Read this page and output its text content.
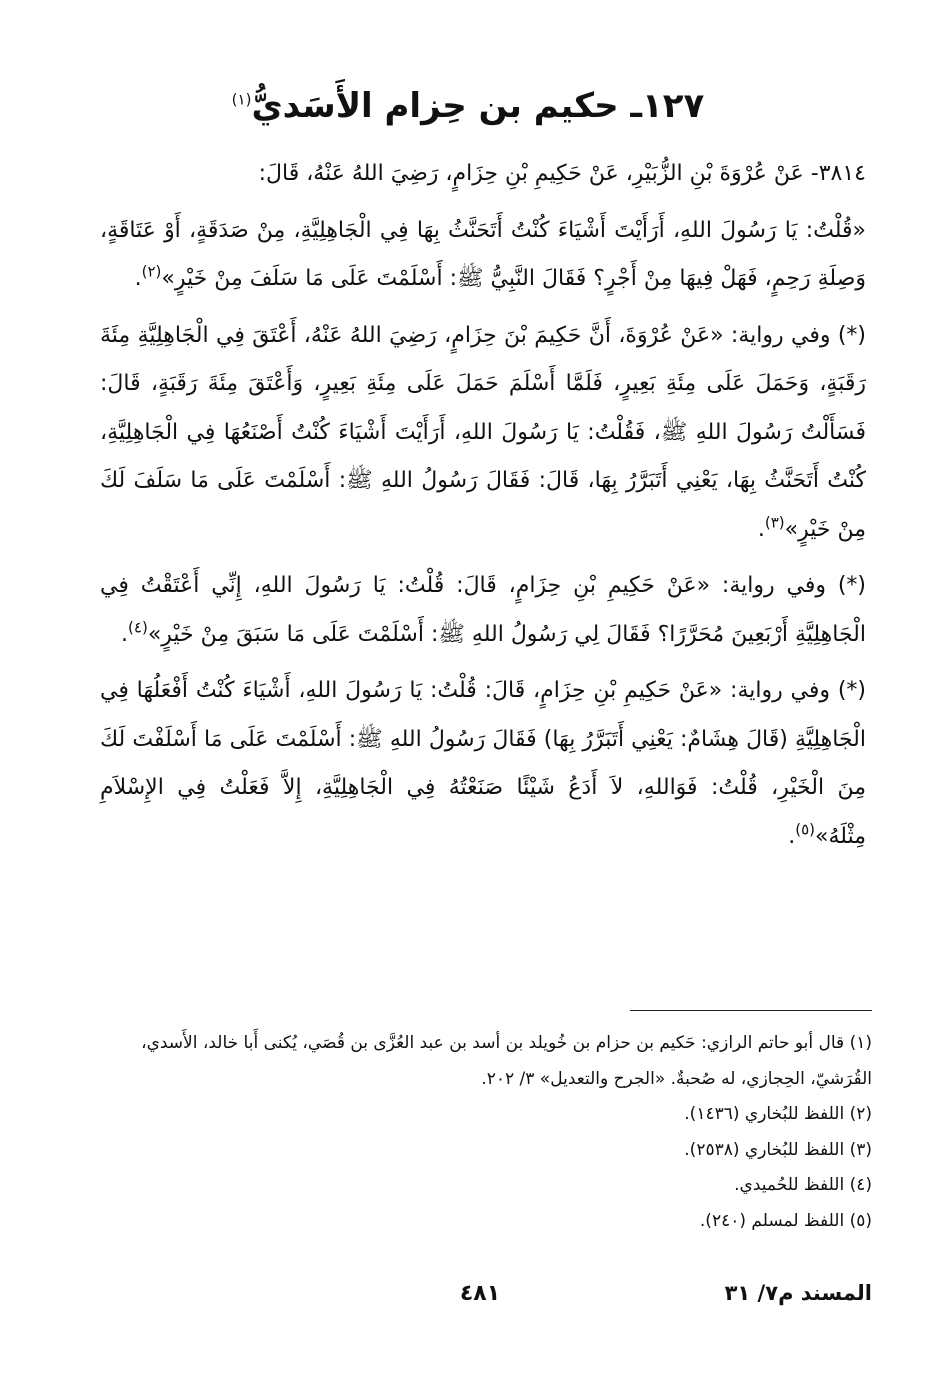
١٢٧ـ حكيم بن حِزام الأَسَديُّ$^{(١)}$

٣٨١٤- عَنْ عُرْوَةَ بْنِ الزُّبَيْرِ، عَنْ حَكِيمِ بْنِ حِزَامٍ، رَضِيَ اللهُ عَنْهُ، قَالَ:

«قُلْتُ: يَا رَسُولَ اللهِ، أَرَأَيْتَ أَشْيَاءَ كُنْتُ أَتَحَنَّثُ بِهَا فِي الْجَاهِلِيَّةِ، مِنْ صَدَقَةٍ، أَوْ عَتَاقَةٍ، وَصِلَةِ رَحِمٍ، فَهَلْ فِيهَا مِنْ أَجْرٍ؟ فَقَالَ النَّبِيُّ ﷺ: أَسْلَمْتَ عَلَى مَا سَلَفَ مِنْ خَيْرٍ»$^{(٢)}$.

(*) وفي رواية: «عَنْ عُرْوَةَ، أَنَّ حَكِيمَ بْنَ حِزَامٍ، رَضِيَ اللهُ عَنْهُ، أَعْتَقَ فِي الْجَاهِلِيَّةِ مِئَةَ رَقَبَةٍ، وَحَمَلَ عَلَى مِئَةِ بَعِيرٍ، فَلَمَّا أَسْلَمَ حَمَلَ عَلَى مِئَةِ بَعِيرٍ، وَأَعْتَقَ مِئَةَ رَقَبَةٍ، قَالَ: فَسَأَلْتُ رَسُولَ اللهِ ﷺ، فَقُلْتُ: يَا رَسُولَ اللهِ، أَرَأَيْتَ أَشْيَاءَ كُنْتُ أَصْنَعُهَا فِي الْجَاهِلِيَّةِ، كُنْتُ أَتَحَنَّثُ بِهَا، يَعْنِي أَتَبَرَّرُ بِهَا، قَالَ: فَقَالَ رَسُولُ اللهِ ﷺ: أَسْلَمْتَ عَلَى مَا سَلَفَ لَكَ مِنْ خَيْرٍ»$^{(٣)}$.

(*) وفي رواية: «عَنْ حَكِيمِ بْنِ حِزَامٍ، قَالَ: قُلْتُ: يَا رَسُولَ اللهِ، إِنِّي أَعْتَقْتُ فِي الْجَاهِلِيَّةِ أَرْبَعِينَ مُحَرَّرًا؟ فَقَالَ لِي رَسُولُ اللهِ ﷺ: أَسْلَمْتَ عَلَى مَا سَبَقَ مِنْ خَيْرٍ»$^{(٤)}$.

(*) وفي رواية: «عَنْ حَكِيمِ بْنِ حِزَامٍ، قَالَ: قُلْتُ: يَا رَسُولَ اللهِ، أَشْيَاءَ كُنْتُ أَفْعَلُهَا فِي الْجَاهِلِيَّةِ (قَالَ هِشَامٌ: يَعْنِي أَتَبَرَّرُ بِهَا) فَقَالَ رَسُولُ اللهِ ﷺ: أَسْلَمْتَ عَلَى مَا أَسْلَفْتَ لَكَ مِنَ الْخَيْرِ، قُلْتُ: فَوَاللهِ، لاَ أَدَعُ شَيْئًا صَنَعْتُهُ فِي الْجَاهِلِيَّةِ، إِلاَّ فَعَلْتُ فِي الإِسْلاَمِ مِثْلَهُ»$^{(٥)}$.

(١) قال أبو حاتم الرازي: حَكيم بن حزام بن خُويلد بن أسد بن عبد العُزَّى بن قُصَي، يُكنى أَبا خالد، الأَسدي، القُرَشيّ، الحِجازي، له صُحبةٌ. «الجرح والتعديل» ٣/ ٢٠٢.

(٢) اللفظ للبُخاري (١٤٣٦).

(٣) اللفظ للبُخاري (٢٥٣٨).

(٤) اللفظ للحُميدي.

(٥) اللفظ لمسلم (٢٤٠).

٤٨١	المسند م٧/ ٣١
